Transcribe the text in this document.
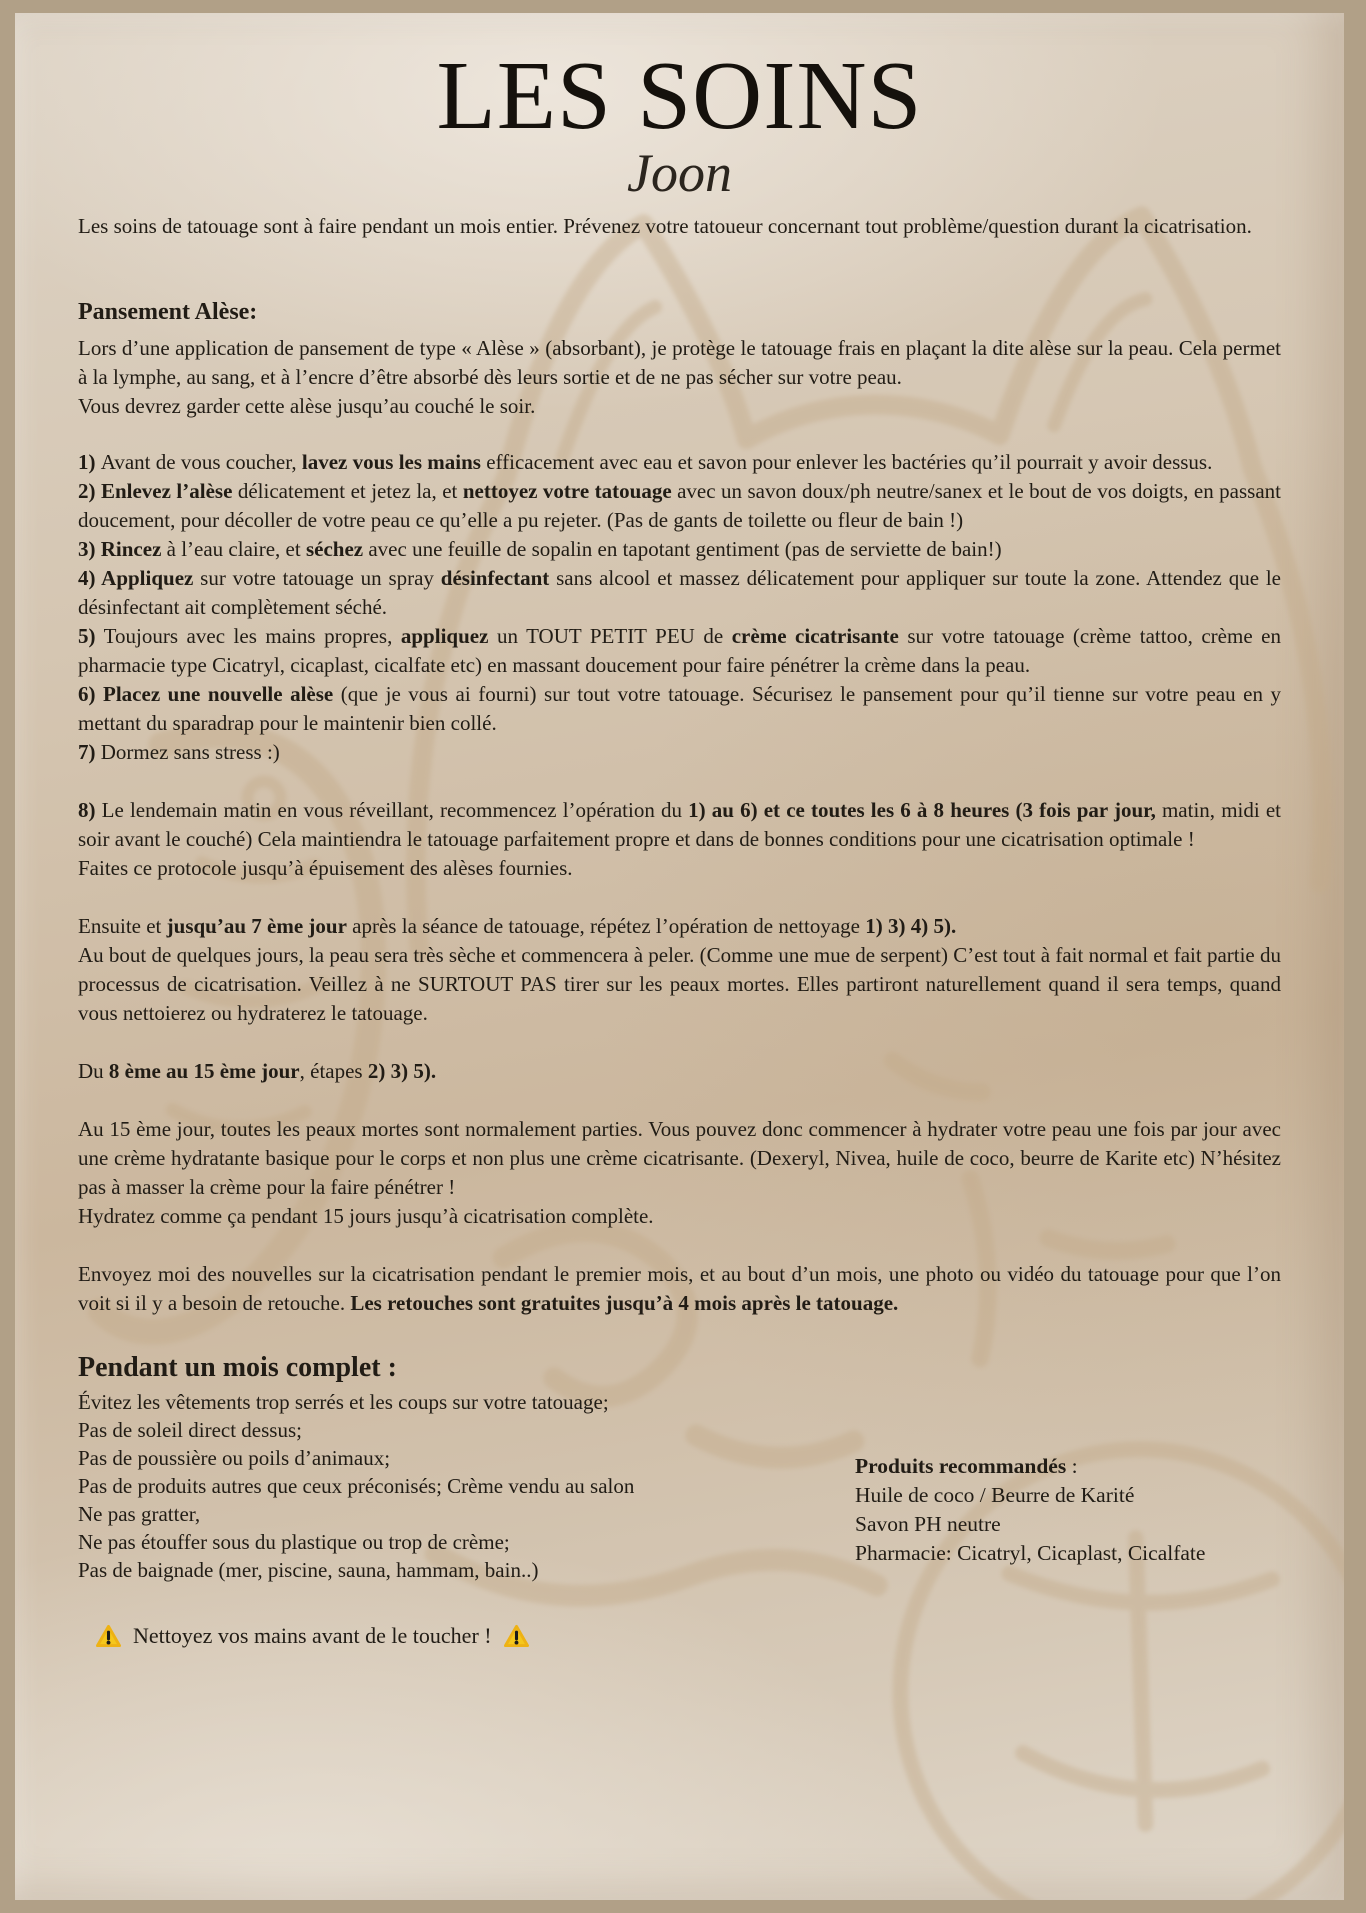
LES SOINS
Joon

Les soins de tatouage sont à faire pendant un mois entier. Prévenez votre tatoueur concernant tout problème/question durant la cicatrisation.

Pansement Alèse:

Lors d’une application de pansement de type « Alèse » (absorbant), je protège le tatouage frais en plaçant la dite alèse sur la peau. Cela permet à la lymphe, au sang, et à l’encre d’être absorbé dès leurs sortie et de ne pas sécher sur votre peau.

Vous devrez garder cette alèse jusqu’au couché le soir.

1) Avant de vous coucher, lavez vous les mains efficacement avec eau et savon pour enlever les bactéries qu’il pourrait y avoir dessus.

2) Enlevez l’alèse délicatement et jetez la, et nettoyez votre tatouage avec un savon doux/ph neutre/sanex et le bout de vos doigts, en passant doucement, pour décoller de votre peau ce qu’elle a pu rejeter. (Pas de gants de toilette ou fleur de bain !)

3) Rincez à l’eau claire, et séchez avec une feuille de sopalin en tapotant gentiment (pas de serviette de bain!)

4) Appliquez sur votre tatouage un spray désinfectant sans alcool et massez délicatement pour appliquer sur toute la zone. Attendez que le désinfectant ait complètement séché.

5) Toujours avec les mains propres, appliquez un TOUT PETIT PEU de crème cicatrisante sur votre tatouage (crème tattoo, crème en pharmacie type Cicatryl, cicaplast, cicalfate etc) en massant doucement pour faire pénétrer la crème dans la peau.

6) Placez une nouvelle alèse (que je vous ai fourni) sur tout votre tatouage. Sécurisez le pansement pour qu’il tienne sur votre peau en y mettant du sparadrap pour le maintenir bien collé.

7) Dormez sans stress :)

8) Le lendemain matin en vous réveillant, recommencez l’opération du 1) au 6) et ce toutes les 6 à 8 heures (3 fois par jour, matin, midi et soir avant le couché) Cela maintiendra le tatouage parfaitement propre et dans de bonnes conditions pour une cicatrisation optimale !

Faites ce protocole jusqu’à épuisement des alèses fournies.

Ensuite et jusqu’au 7 ème jour après la séance de tatouage, répétez l’opération de nettoyage 1) 3) 4) 5).

Au bout de quelques jours, la peau sera très sèche et commencera à peler. (Comme une mue de serpent) C’est tout à fait normal et fait partie du processus de cicatrisation. Veillez à ne SURTOUT PAS tirer sur les peaux mortes. Elles partiront naturellement quand il sera temps, quand vous nettoierez ou hydraterez le tatouage.

Du 8 ème au 15 ème jour, étapes 2) 3) 5).

Au 15 ème jour, toutes les peaux mortes sont normalement parties. Vous pouvez donc commencer à hydrater votre peau une fois par jour avec une crème hydratante basique pour le corps et non plus une crème cicatrisante. (Dexeryl, Nivea, huile de coco, beurre de Karite etc) N’hésitez pas à masser la crème pour la faire pénétrer !

Hydratez comme ça pendant 15 jours jusqu’à cicatrisation complète.

Envoyez moi des nouvelles sur la cicatrisation pendant le premier mois, et au bout d’un mois, une photo ou vidéo du tatouage pour que l’on voit si il y a besoin de retouche. Les retouches sont gratuites jusqu’à 4 mois après le tatouage.

Pendant un mois complet :
Évitez les vêtements trop serrés et les coups sur votre tatouage;
Pas de soleil direct dessus;
Pas de poussière ou poils d’animaux;
Pas de produits autres que ceux préconisés; Crème vendu au salon
Ne pas gratter,
Ne pas étouffer sous du plastique ou trop de crème;
Pas de baignade (mer, piscine, sauna, hammam, bain..)
Produits recommandés :
Huile de coco / Beurre de Karité
Savon PH neutre
Pharmacie: Cicatryl, Cicaplast, Cicalfate
Nettoyez vos mains avant de le toucher !
